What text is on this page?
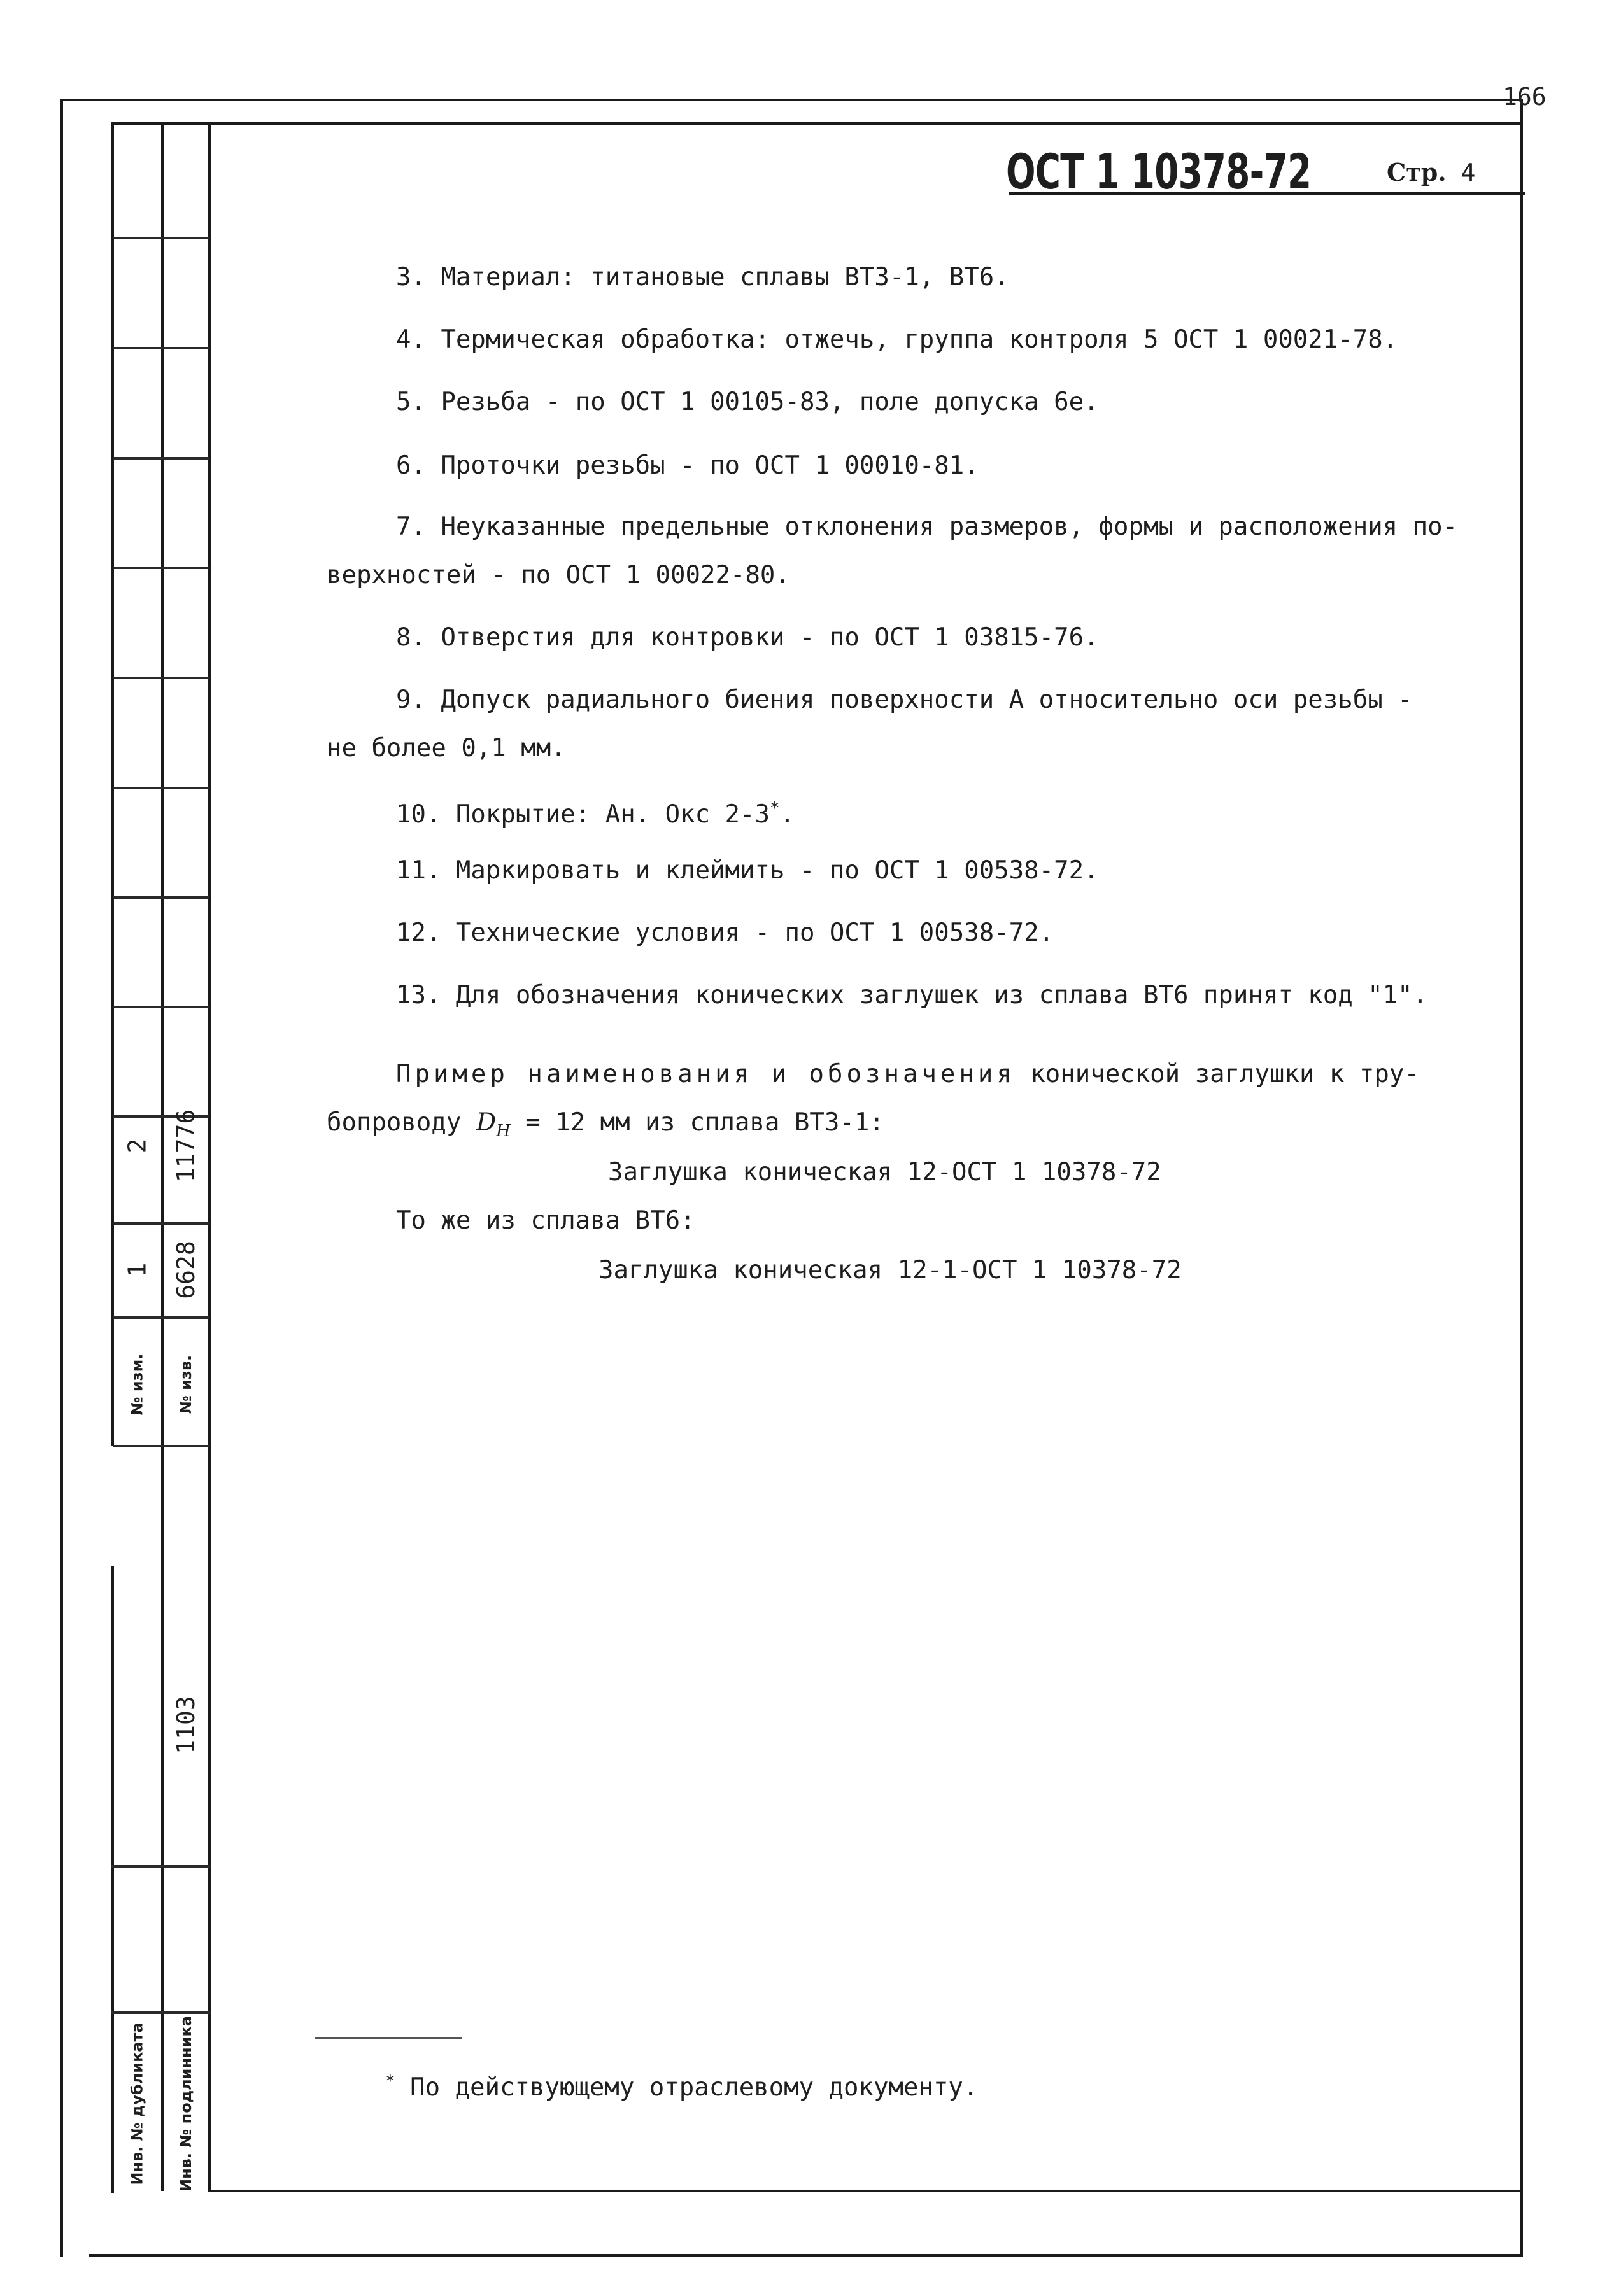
166
ОСТ 1 10378-72	Стр. 4
3. Материал: титановые сплавы ВТ3-1, ВТ6.
4. Термическая обработка: отжечь, группа контроля 5 ОСТ 1 00021-78.
5. Резьба - по ОСТ 1 00105-83, поле допуска 6е.
6. Проточки резьбы - по ОСТ 1 00010-81.
7. Неуказанные предельные отклонения размеров, формы и расположения по-
верхностей - по ОСТ 1 00022-80.
8. Отверстия для контровки - по ОСТ 1 03815-76.
9. Допуск радиального биения поверхности А относительно оси резьбы -
не более 0,1 мм.
10. Покрытие: Ан. Окс 2-3*.
11. Маркировать и клеймить - по ОСТ 1 00538-72.
12. Технические условия - по ОСТ 1 00538-72.
13. Для обозначения конических заглушек из сплава ВТ6 принят код "1".
Пример наименования и обозначения конической заглушки к тру-
бопроводу $D_Н = 12$ мм из сплава ВТ3-1:
Заглушка коническая 12-ОСТ 1 10378-72
То же из сплава ВТ6:
Заглушка коническая 12-1-ОСТ 1 10378-72
* По действующему отраслевому документу.
2 11776
1 6628
№ изм. № изв.
1103
Инв. № дубликата Инв. № подлинника
